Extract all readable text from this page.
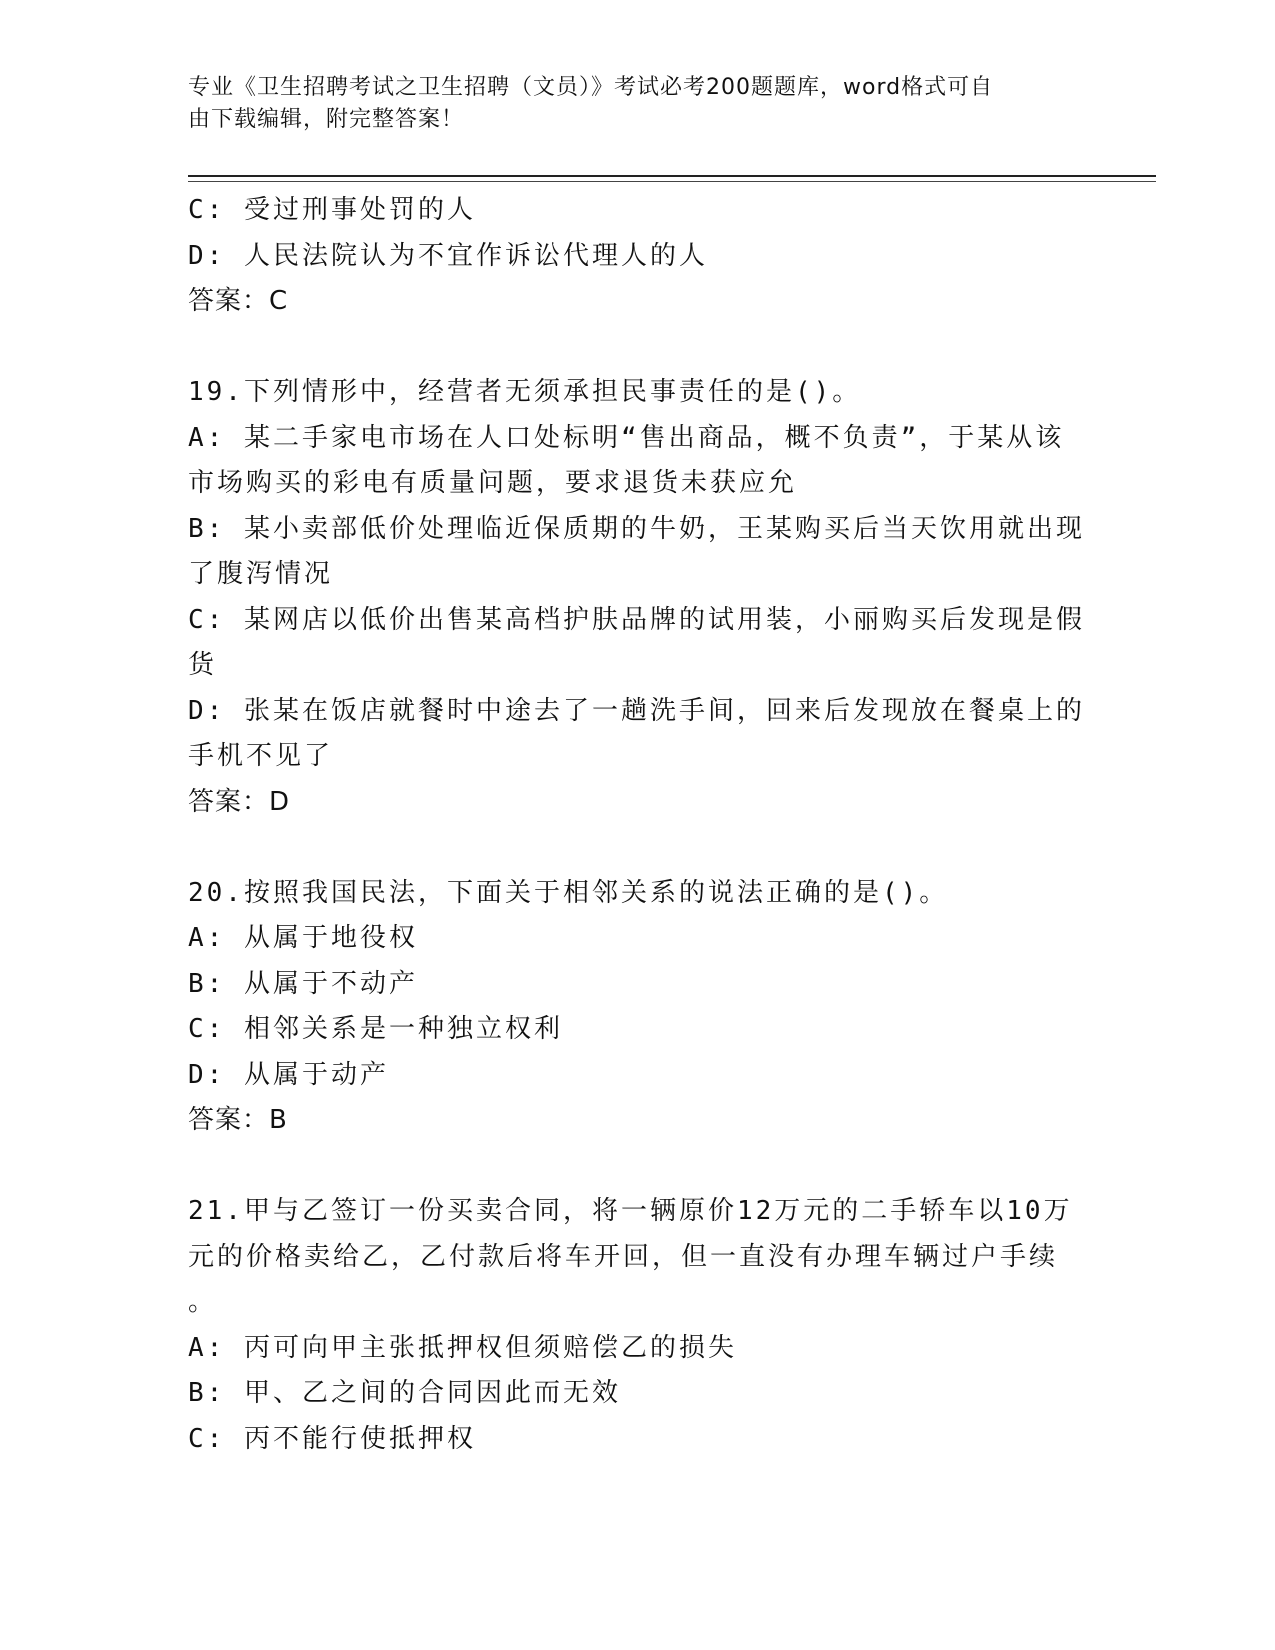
专业《卫生招聘考试之卫生招聘（文员）》考试必考200题题库，word格式可自
由下载编辑，附完整答案！
C: 受过刑事处罚的人
D: 人民法院认为不宜作诉讼代理人的人
答案：C
19.下列情形中，经营者无须承担民事责任的是()。
A: 某二手家电市场在人口处标明“售出商品，概不负责”，于某从该
市场购买的彩电有质量问题，要求退货未获应允
B: 某小卖部低价处理临近保质期的牛奶，王某购买后当天饮用就出现
了腹泻情况
C: 某网店以低价出售某高档护肤品牌的试用装，小丽购买后发现是假
货
D: 张某在饭店就餐时中途去了一趟洗手间，回来后发现放在餐桌上的
手机不见了
答案：D
20.按照我国民法，下面关于相邻关系的说法正确的是()。
A: 从属于地役权
B: 从属于不动产
C: 相邻关系是一种独立权利
D: 从属于动产
答案：B
21.甲与乙签订一份买卖合同，将一辆原价12万元的二手轿车以10万
元的价格卖给乙，乙付款后将车开回，但一直没有办理车辆过户手续
。
A: 丙可向甲主张抵押权但须赔偿乙的损失
B: 甲、乙之间的合同因此而无效
C: 丙不能行使抵押权
